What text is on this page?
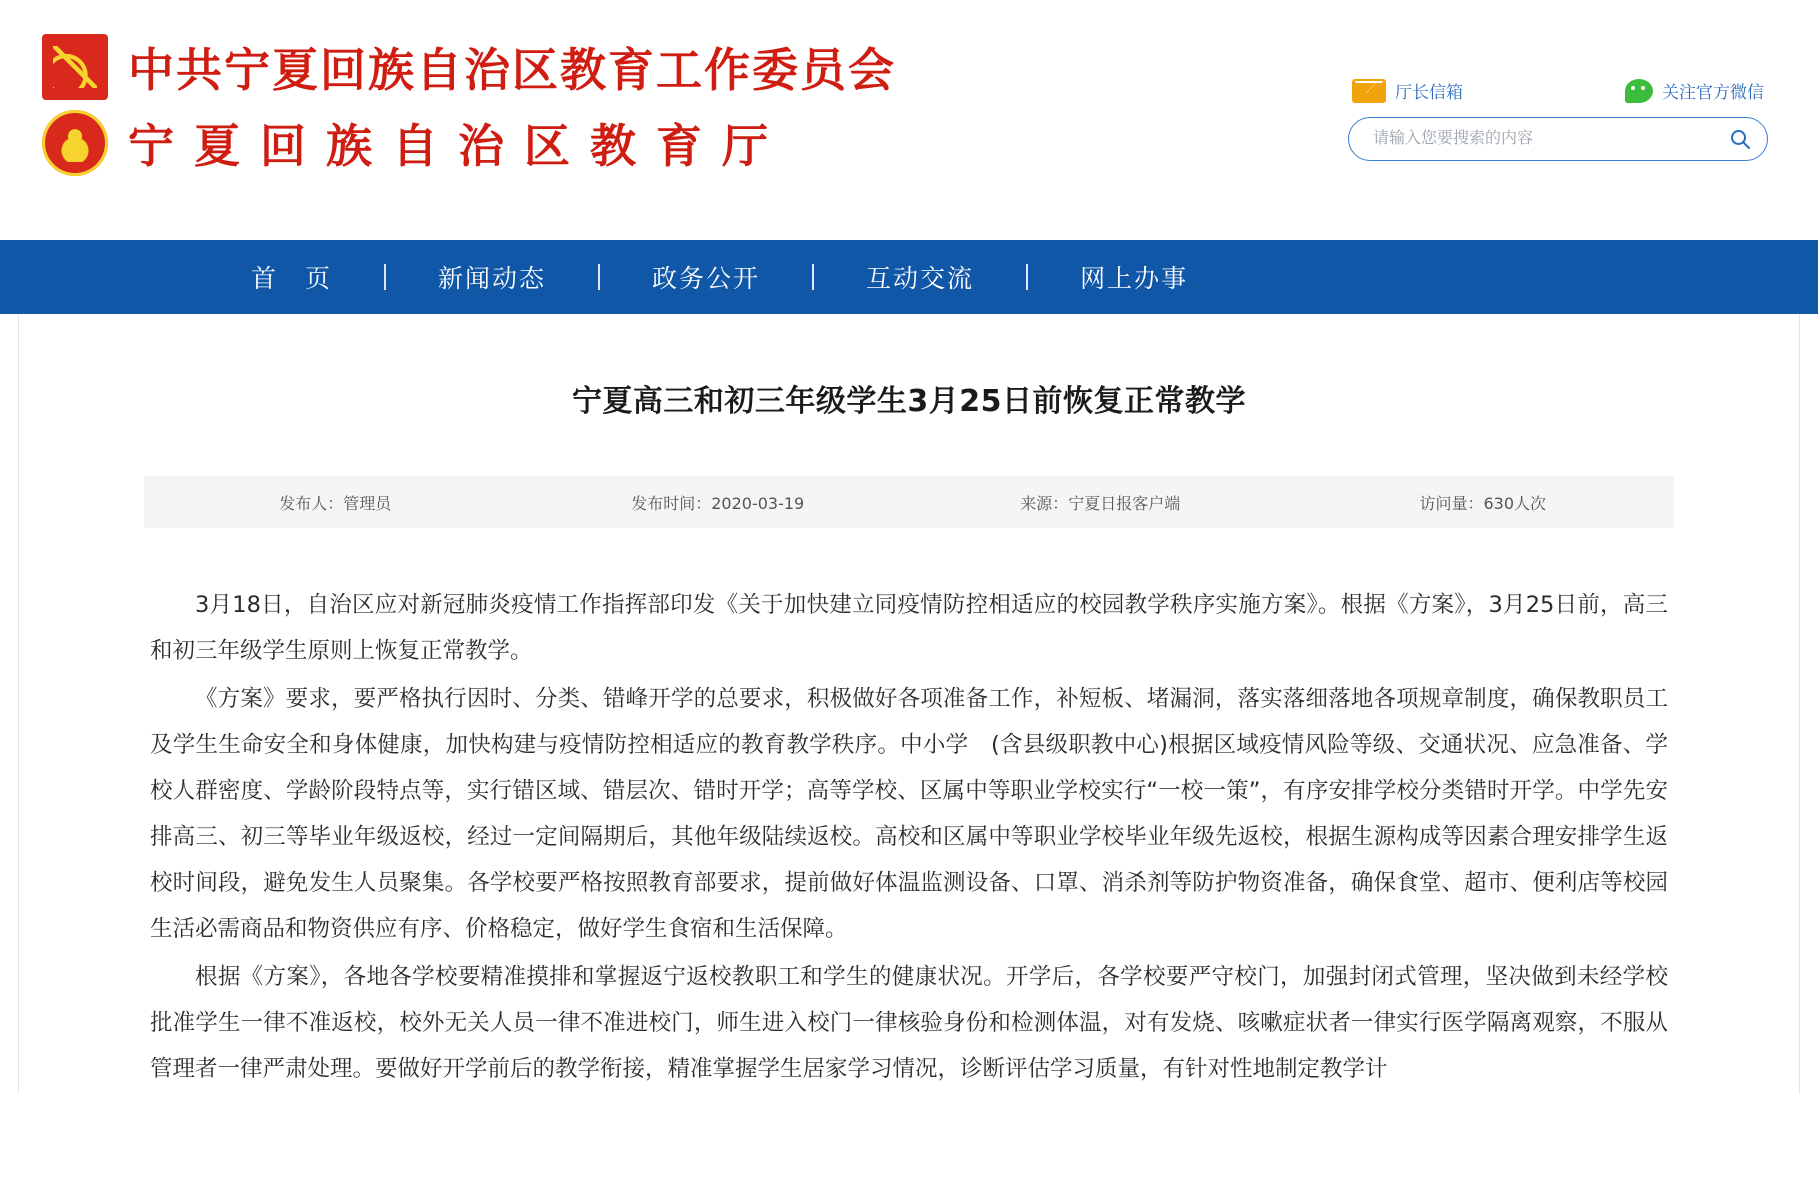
中共宁夏回族自治区教育工作委员会
宁夏回族自治区教育厅
厅长信箱	关注官方微信
请输入您要搜索的内容
首　页	新闻动态	政务公开	互动交流	网上办事
宁夏高三和初三年级学生3月25日前恢复正常教学
发布人：管理员	发布时间：2020-03-19	来源：宁夏日报客户端	访问量：630人次

3月18日，自治区应对新冠肺炎疫情工作指挥部印发《关于加快建立同疫情防控相适应的校园教学秩序实施方案》。根据《方案》，3月25日前，高三和初三年级学生原则上恢复正常教学。

《方案》要求，要严格执行因时、分类、错峰开学的总要求，积极做好各项准备工作，补短板、堵漏洞，落实落细落地各项规章制度，确保教职员工及学生生命安全和身体健康，加快构建与疫情防控相适应的教育教学秩序。中小学　(含县级职教中心)根据区域疫情风险等级、交通状况、应急准备、学校人群密度、学龄阶段特点等，实行错区域、错层次、错时开学；高等学校、区属中等职业学校实行“一校一策”，有序安排学校分类错时开学。中学先安排高三、初三等毕业年级返校，经过一定间隔期后，其他年级陆续返校。高校和区属中等职业学校毕业年级先返校，根据生源构成等因素合理安排学生返校时间段，避免发生人员聚集。各学校要严格按照教育部要求，提前做好体温监测设备、口罩、消杀剂等防护物资准备，确保食堂、超市、便利店等校园生活必需商品和物资供应有序、价格稳定，做好学生食宿和生活保障。

根据《方案》，各地各学校要精准摸排和掌握返宁返校教职工和学生的健康状况。开学后，各学校要严守校门，加强封闭式管理，坚决做到未经学校批准学生一律不准返校，校外无关人员一律不准进校门，师生进入校门一律核验身份和检测体温，对有发烧、咳嗽症状者一律实行医学隔离观察，不服从管理者一律严肃处理。要做好开学前后的教学衔接，精准掌握学生居家学习情况，诊断评估学习质量，有针对性地制定教学计
